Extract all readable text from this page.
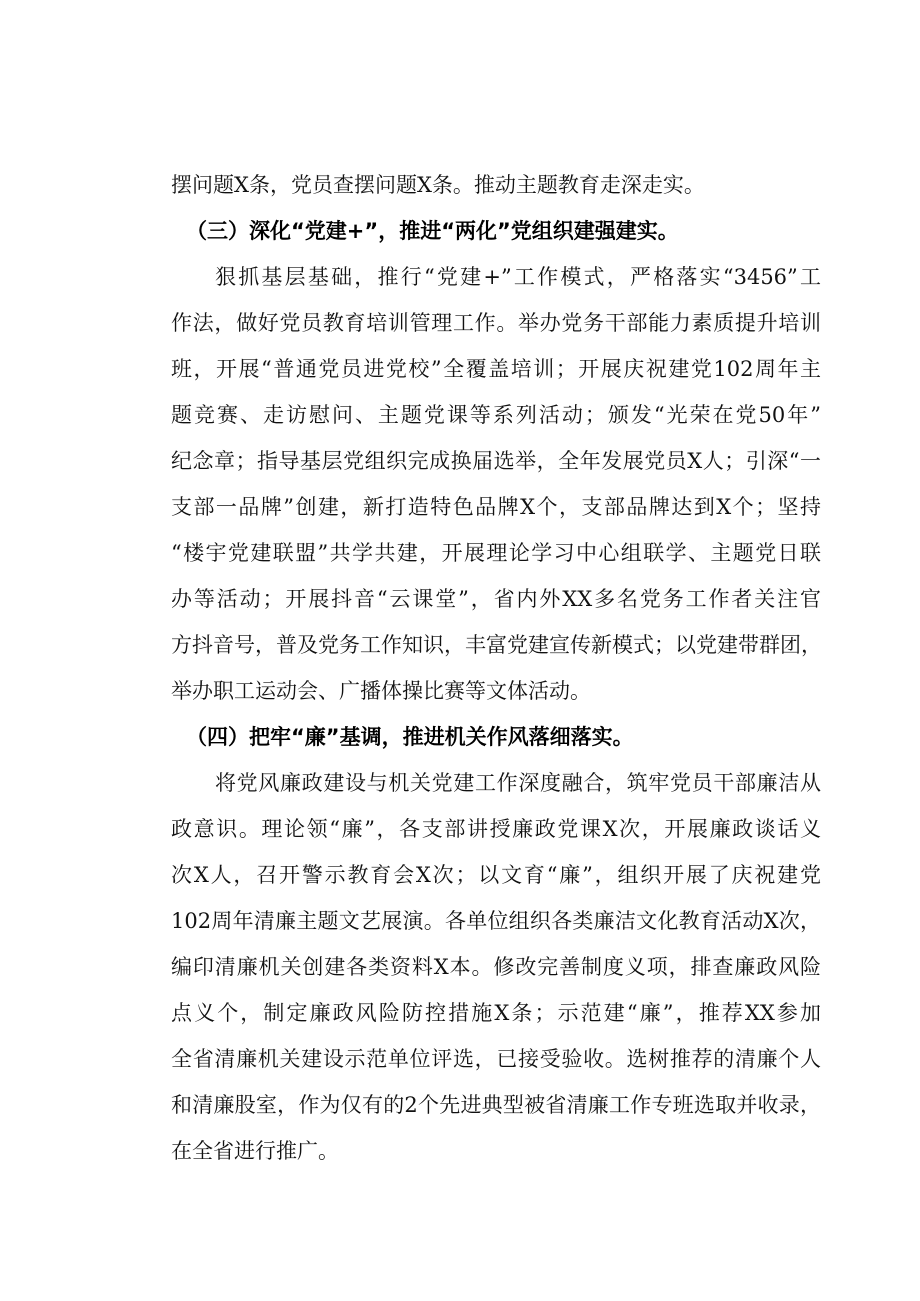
摆问题X条，党员查摆问题X条。推动主题教育走深走实。

（三）深化“党建+”，推进“两化”党组织建强建实。

狠抓基层基础，推行“党建+”工作模式，严格落实“3456”工

作法，做好党员教育培训管理工作。举办党务干部能力素质提升培训

班，开展“普通党员进党校”全覆盖培训；开展庆祝建党102周年主

题竞赛、走访慰问、主题党课等系列活动；颁发“光荣在党50年”

纪念章；指导基层党组织完成换届选举，全年发展党员X人；引深“一

支部一品牌”创建，新打造特色品牌X个，支部品牌达到X个；坚持

“楼宇党建联盟”共学共建，开展理论学习中心组联学、主题党日联

办等活动；开展抖音“云课堂”，省内外XX多名党务工作者关注官

方抖音号，普及党务工作知识，丰富党建宣传新模式；以党建带群团，

举办职工运动会、广播体操比赛等文体活动。

（四）把牢“廉”基调，推进机关作风落细落实。

将党风廉政建设与机关党建工作深度融合，筑牢党员干部廉洁从

政意识。理论领“廉”，各支部讲授廉政党课X次，开展廉政谈话义

次X人，召开警示教育会X次；以文育“廉”，组织开展了庆祝建党

102周年清廉主题文艺展演。各单位组织各类廉洁文化教育活动X次，

编印清廉机关创建各类资料X本。修改完善制度义项，排查廉政风险

点义个，制定廉政风险防控措施X条；示范建“廉”，推荐XX参加

全省清廉机关建设示范单位评选，已接受验收。选树推荐的清廉个人

和清廉股室，作为仅有的2个先进典型被省清廉工作专班选取并收录，

在全省进行推广。
